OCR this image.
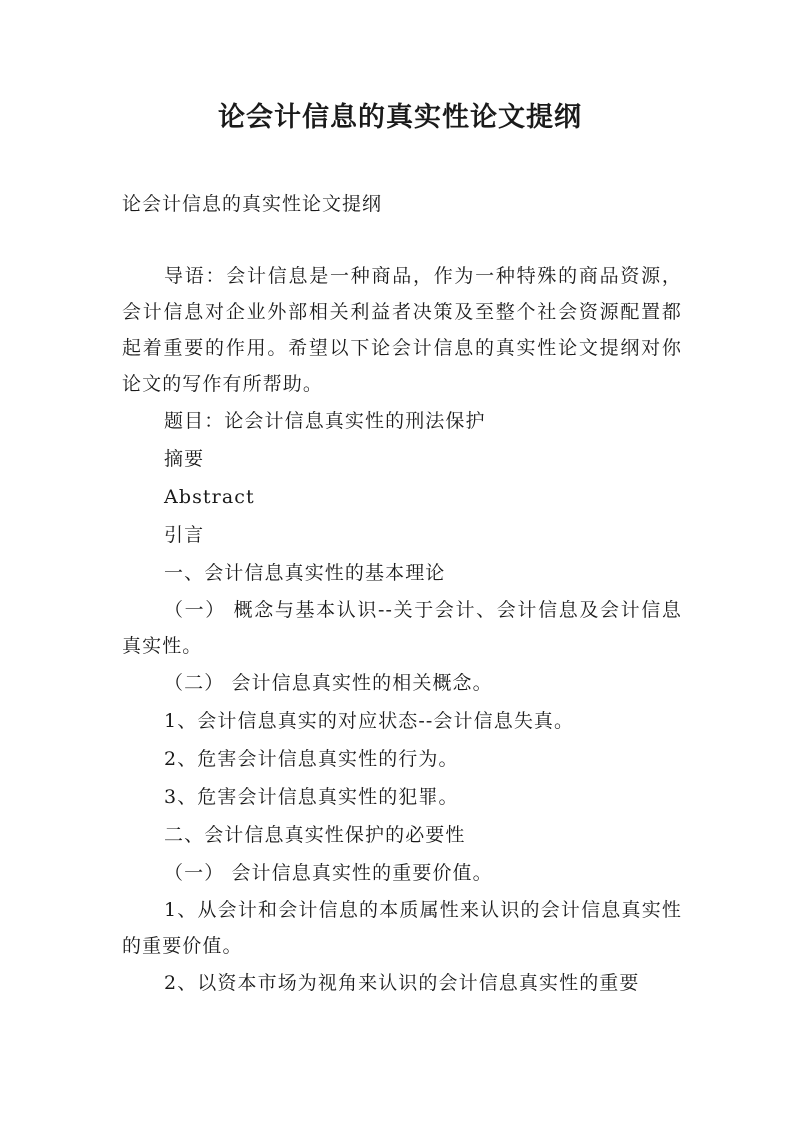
论会计信息的真实性论文提纲

论会计信息的真实性论文提纲

导语：会计信息是一种商品，作为一种特殊的商品资源，会计信息对企业外部相关利益者决策及至整个社会资源配置都起着重要的作用。希望以下论会计信息的真实性论文提纲对你论文的写作有所帮助。

题目：论会计信息真实性的刑法保护

摘要

Abstract

引言

一、会计信息真实性的基本理论

（一） 概念与基本认识--关于会计、会计信息及会计信息真实性。

（二） 会计信息真实性的相关概念。

1、会计信息真实的对应状态--会计信息失真。

2、危害会计信息真实性的行为。

3、危害会计信息真实性的犯罪。

二、会计信息真实性保护的必要性

（一） 会计信息真实性的重要价值。

1、从会计和会计信息的本质属性来认识的会计信息真实性的重要价值。

2、以资本市场为视角来认识的会计信息真实性的重要
